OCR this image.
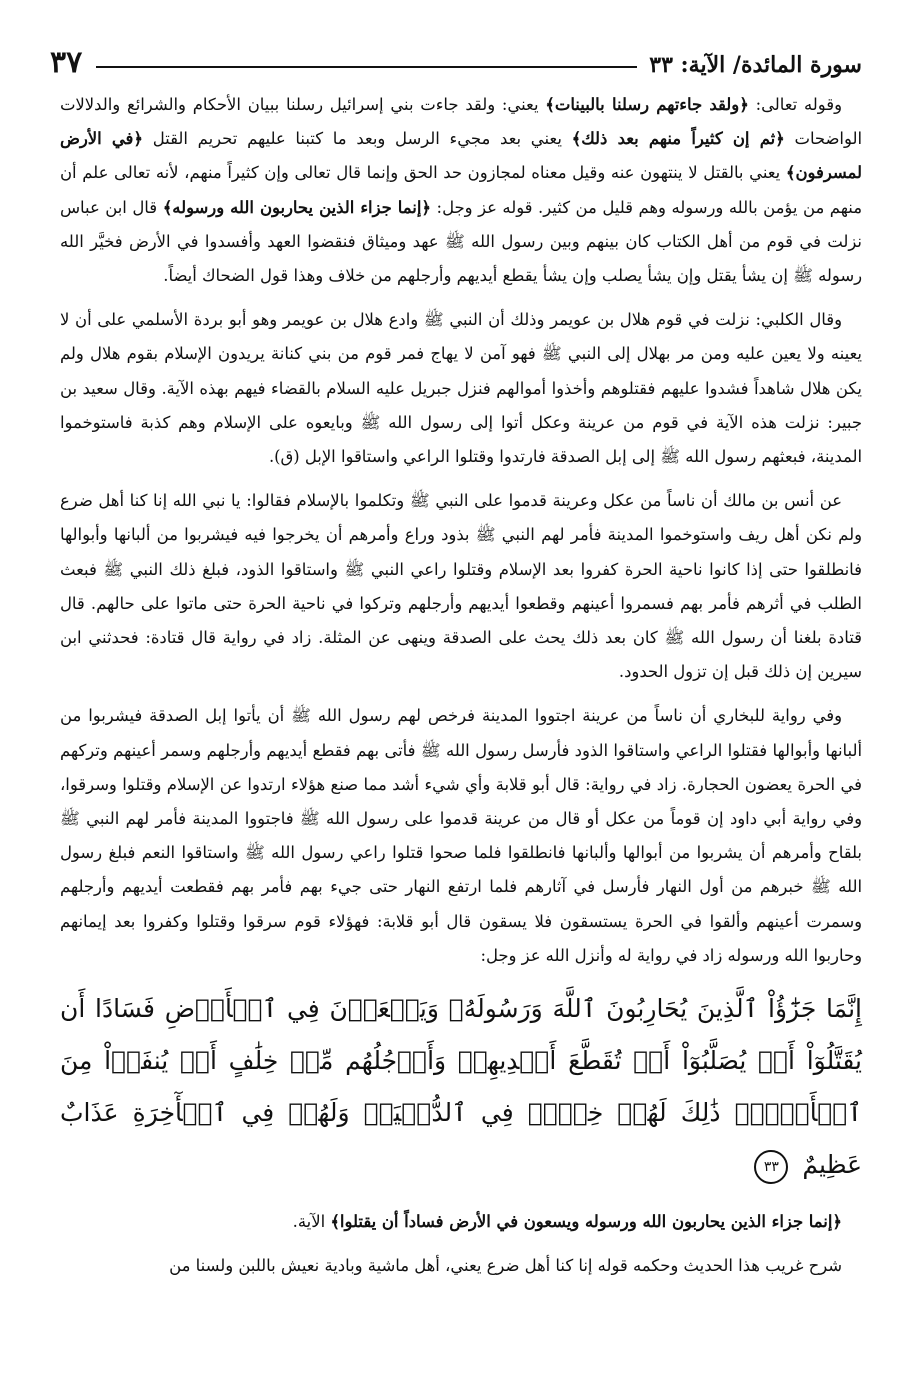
سورة المائدة/ الآية: ٣٣
٣٧

وقوله تعالى: ﴿ولقد جاءتهم رسلنا بالبينات﴾ يعني: ولقد جاءت بني إسرائيل رسلنا ببيان الأحكام والشرائع والدلالات الواضحات ﴿ثم إن كثيراً منهم بعد ذلك﴾ يعني بعد مجيء الرسل وبعد ما كتبنا عليهم تحريم القتل ﴿في الأرض لمسرفون﴾ يعني بالقتل لا ينتهون عنه وقيل معناه لمجازون حد الحق وإنما قال تعالى وإن كثيراً منهم، لأنه تعالى علم أن منهم من يؤمن بالله ورسوله وهم قليل من كثير. قوله عز وجل: ﴿إنما جزاء الذين يحاربون الله ورسوله﴾ قال ابن عباس نزلت في قوم من أهل الكتاب كان بينهم وبين رسول الله ﷺ عهد وميثاق فنقضوا العهد وأفسدوا في الأرض فخيَّر الله رسوله ﷺ إن يشأ يقتل وإن يشأ يصلب وإن يشأ يقطع أيديهم وأرجلهم من خلاف وهذا قول الضحاك أيضاً.

وقال الكلبي: نزلت في قوم هلال بن عويمر وذلك أن النبي ﷺ وادع هلال بن عويمر وهو أبو بردة الأسلمي على أن لا يعينه ولا يعين عليه ومن مر بهلال إلى النبي ﷺ فهو آمن لا يهاج فمر قوم من بني كنانة يريدون الإسلام بقوم هلال ولم يكن هلال شاهداً فشدوا عليهم فقتلوهم وأخذوا أموالهم فنزل جبريل عليه السلام بالقضاء فيهم بهذه الآية. وقال سعيد بن جبير: نزلت هذه الآية في قوم من عرينة وعكل أتوا إلى رسول الله ﷺ وبايعوه على الإسلام وهم كذبة فاستوخموا المدينة، فبعثهم رسول الله ﷺ إلى إبل الصدقة فارتدوا وقتلوا الراعي واستاقوا الإبل (ق).

عن أنس بن مالك أن ناساً من عكل وعرينة قدموا على النبي ﷺ وتكلموا بالإسلام فقالوا: يا نبي الله إنا كنا أهل ضرع ولم نكن أهل ريف واستوخموا المدينة فأمر لهم النبي ﷺ بذود وراع وأمرهم أن يخرجوا فيه فيشربوا من ألبانها وأبوالها فانطلقوا حتى إذا كانوا ناحية الحرة كفروا بعد الإسلام وقتلوا راعي النبي ﷺ واستاقوا الذود، فبلغ ذلك النبي ﷺ فبعث الطلب في أثرهم فأمر بهم فسمروا أعينهم وقطعوا أيديهم وأرجلهم وتركوا في ناحية الحرة حتى ماتوا على حالهم. قال قتادة بلغنا أن رسول الله ﷺ كان بعد ذلك يحث على الصدقة وينهى عن المثلة. زاد في رواية قال قتادة: فحدثني ابن سيرين إن ذلك قبل إن تزول الحدود.

وفي رواية للبخاري أن ناساً من عرينة اجتووا المدينة فرخص لهم رسول الله ﷺ أن يأتوا إبل الصدقة فيشربوا من ألبانها وأبوالها فقتلوا الراعي واستاقوا الذود فأرسل رسول الله ﷺ فأتى بهم فقطع أيديهم وأرجلهم وسمر أعينهم وتركهم في الحرة يعضون الحجارة. زاد في رواية: قال أبو قلابة وأي شيء أشد مما صنع هؤلاء ارتدوا عن الإسلام وقتلوا وسرقوا، وفي رواية أبي داود إن قوماً من عكل أو قال من عرينة قدموا على رسول الله ﷺ فاجتووا المدينة فأمر لهم النبي ﷺ بلقاح وأمرهم أن يشربوا من أبوالها وألبانها فانطلقوا فلما صحوا قتلوا راعي رسول الله ﷺ واستاقوا النعم فبلغ رسول الله ﷺ خبرهم من أول النهار فأرسل في آثارهم فلما ارتفع النهار حتى جيء بهم فأمر بهم فقطعت أيديهم وأرجلهم وسمرت أعينهم وألقوا في الحرة يستسقون فلا يسقون قال أبو قلابة: فهؤلاء قوم سرقوا وقتلوا وكفروا بعد إيمانهم وحاربوا الله ورسوله زاد في رواية له وأنزل الله عز وجل:

إِنَّمَا جَزَٰٓؤُاْ ٱلَّذِينَ يُحَارِبُونَ ٱللَّهَ وَرَسُولَهُۥ وَيَسۡعَوۡنَ فِي ٱلۡأَرۡضِ فَسَادًا أَن يُقَتَّلُوٓاْ أَوۡ يُصَلَّبُوٓاْ أَوۡ تُقَطَّعَ أَيۡدِيهِمۡ وَأَرۡجُلُهُم مِّنۡ خِلَٰفٍ أَوۡ يُنفَوۡاْ مِنَ ٱلۡأَرۡضِۚ ذَٰلِكَ لَهُمۡ خِزۡيٞ فِي ٱلدُّنۡيَاۖ وَلَهُمۡ فِي ٱلۡأٓخِرَةِ عَذَابٌ عَظِيمٌ ٣٣

﴿إنما جزاء الذين يحاربون الله ورسوله ويسعون في الأرض فساداً أن يقتلوا﴾ الآية.

شرح غريب هذا الحديث وحكمه قوله إنا كنا أهل ضرع يعني، أهل ماشية وبادية نعيش باللبن ولسنا من
